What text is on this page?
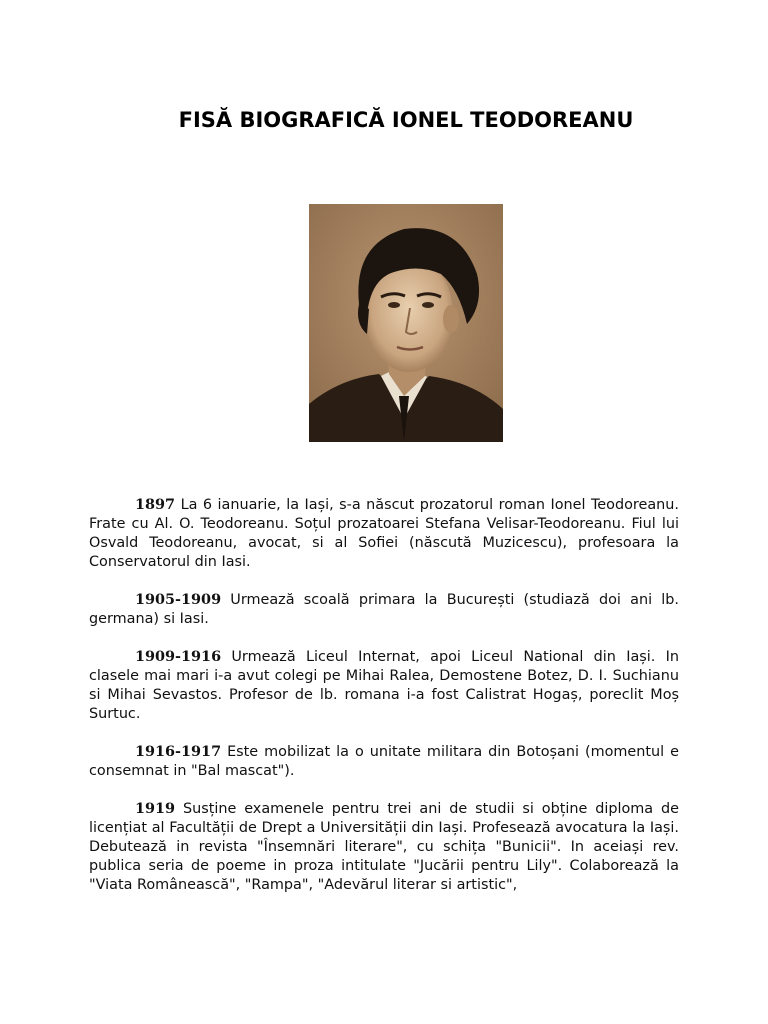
FISĂ BIOGRAFICĂ IONEL TEODOREANU

1897 La 6 ianuarie, la Iași, s-a născut prozatorul roman Ionel Teodoreanu. Frate cu Al. O. Teodoreanu. Soțul prozatoarei Stefana Velisar-Teodoreanu. Fiul lui Osvald Teodoreanu, avocat, si al Sofiei (născută Muzicescu), profesoara la Conservatorul din Iasi.

1905-1909 Urmează scoală primara la București (studiază doi ani lb. germana) si Iasi.

1909-1916 Urmează Liceul Internat, apoi Liceul National din Iași. In clasele mai mari i-a avut colegi pe Mihai Ralea, Demostene Botez, D. I. Suchianu si Mihai Sevastos. Profesor de lb. romana i-a fost Calistrat Hogaș, poreclit Moș Surtuc.

1916-1917 Este mobilizat la o unitate militara din Botoșani (momentul e consemnat in "Bal mascat").

1919 Susține examenele pentru trei ani de studii si obține diploma de licențiat al Facultății de Drept a Universității din Iași. Profesează avocatura la Iași. Debutează in revista "Însemnări literare", cu schița "Bunicii". In aceiași rev. publica seria de poeme in proza intitulate "Jucării pentru Lily". Colaborează la "Viata Românească", "Rampa", "Adevărul literar si artistic",
